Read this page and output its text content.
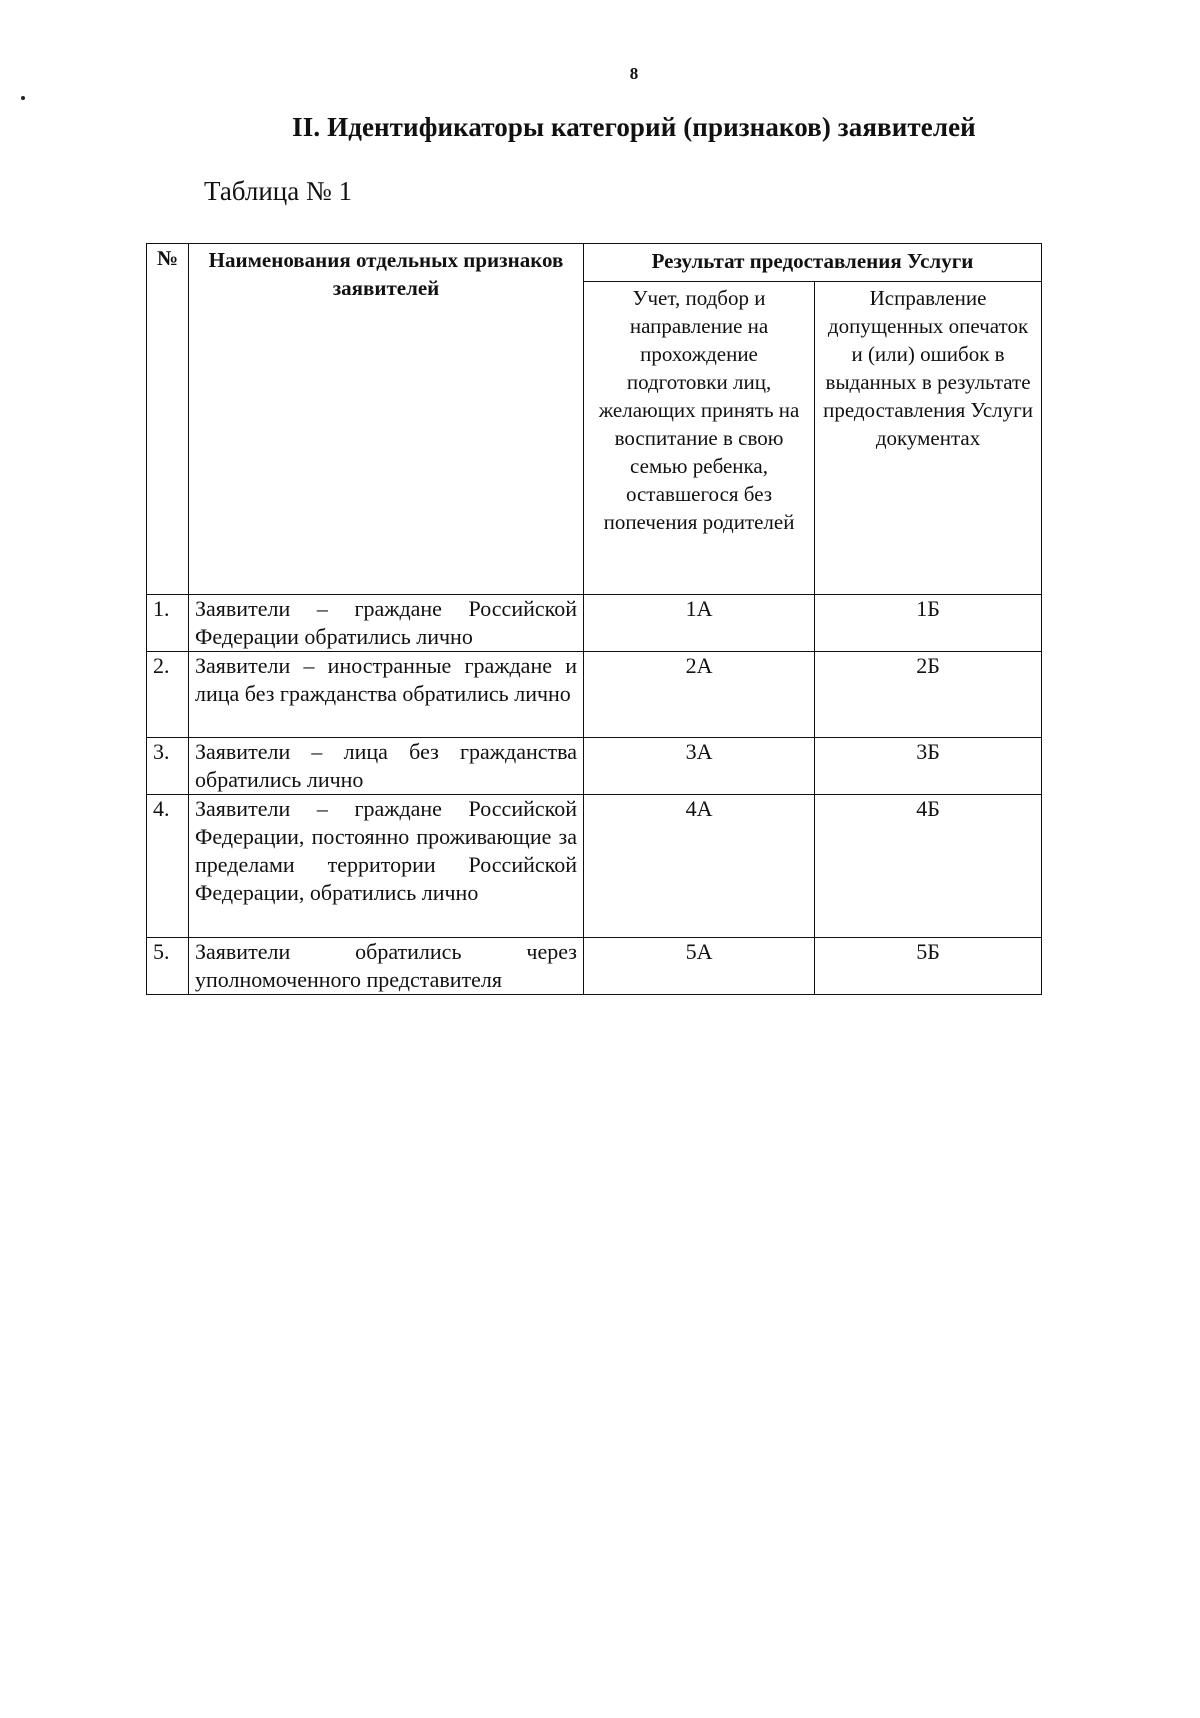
8
II. Идентификаторы категорий (признаков) заявителей
Таблица № 1
№	Наименования отдельных признаков заявителей	Результат предоставления Услуги	
		Учет, подбор и направление на прохождение подготовки лиц, желающих принять на воспитание в свою семью ребенка, оставшегося без попечения родителей	Исправление допущенных опечаток и (или) ошибок в выданных в результате предоставления Услуги документах
1.	Заявители – граждане Российской Федерации обратились лично	1А	1Б
2.	Заявители – иностранные граждане и лица без гражданства обратились лично	2А	2Б
3.	Заявители – лица без гражданства обратились лично	3А	3Б
4.	Заявители – граждане Российской Федерации, постоянно проживающие за пределами территории Российской Федерации, обратились лично	4А	4Б
5.	Заявители обратились через уполномоченного представителя	5А	5Б
